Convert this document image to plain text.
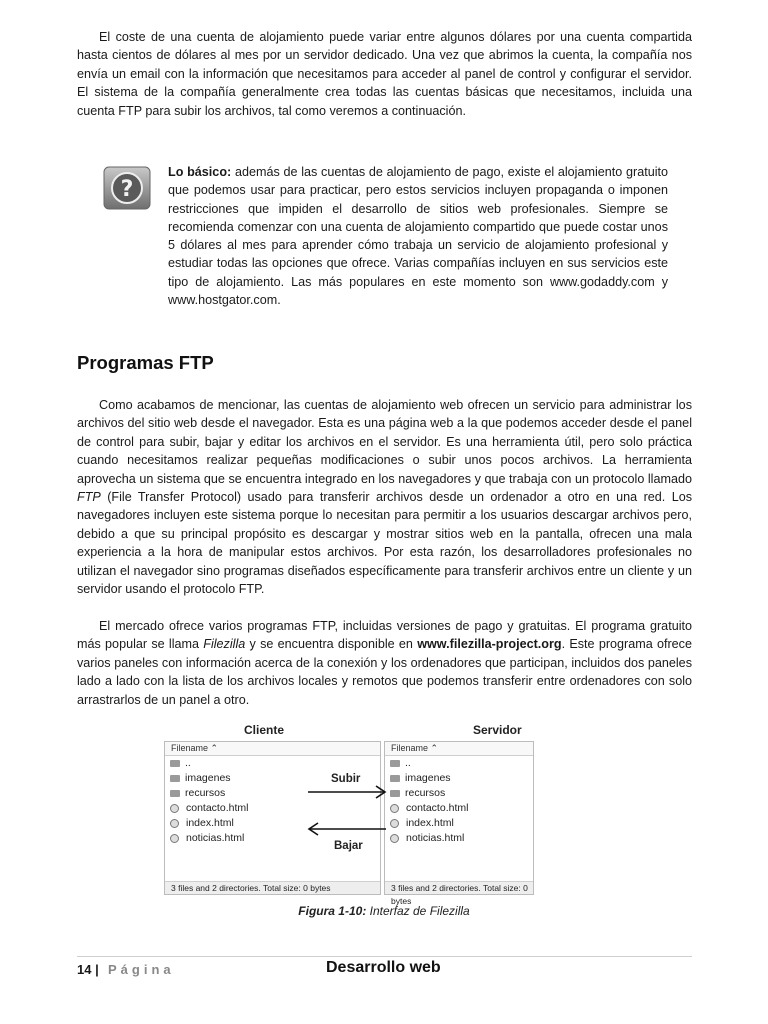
El coste de una cuenta de alojamiento puede variar entre algunos dólares por una cuenta compartida hasta cientos de dólares al mes por un servidor dedicado. Una vez que abrimos la cuenta, la compañía nos envía un email con la información que necesitamos para acceder al panel de control y configurar el servidor. El sistema de la compañía generalmente crea todas las cuentas básicas que necesitamos, incluida una cuenta FTP para subir los archivos, tal como veremos a continuación.

?

Lo básico: además de las cuentas de alojamiento de pago, existe el alojamiento gratuito que podemos usar para practicar, pero estos servicios incluyen propaganda o imponen restricciones que impiden el desarrollo de sitios web profesionales. Siempre se recomienda comenzar con una cuenta de alojamiento compartido que puede costar unos 5 dólares al mes para aprender cómo trabaja un servicio de alojamiento profesional y estudiar todas las opciones que ofrece. Varias compañías incluyen en sus servicios este tipo de alojamiento. Las más populares en este momento son www.godaddy.com y www.hostgator.com.

Programas FTP

Como acabamos de mencionar, las cuentas de alojamiento web ofrecen un servicio para administrar los archivos del sitio web desde el navegador. Esta es una página web a la que podemos acceder desde el panel de control para subir, bajar y editar los archivos en el servidor. Es una herramienta útil, pero solo práctica cuando necesitamos realizar pequeñas modificaciones o subir unos pocos archivos. La herramienta aprovecha un sistema que se encuentra integrado en los navegadores y que trabaja con un protocolo llamado FTP (File Transfer Protocol) usado para transferir archivos desde un ordenador a otro en una red. Los navegadores incluyen este sistema porque lo necesitan para permitir a los usuarios descargar archivos pero, debido a que su principal propósito es descargar y mostrar sitios web en la pantalla, ofrecen una mala experiencia a la hora de manipular estos archivos. Por esta razón, los desarrolladores profesionales no utilizan el navegador sino programas diseñados específicamente para transferir archivos entre un cliente y un servidor usando el protocolo FTP.

El mercado ofrece varios programas FTP, incluidas versiones de pago y gratuitas. El programa gratuito más popular se llama Filezilla y se encuentra disponible en www.filezilla-project.org. Este programa ofrece varios paneles con información acerca de la conexión y los ordenadores que participan, incluidos dos paneles lado a lado con la lista de los archivos locales y remotos que podemos transferir entre ordenadores con solo arrastrarlos de un panel a otro.

Cliente	Servidor
Filename ⌃
..
imagenes
recursos
contacto.html
index.html
noticias.html
3 files and 2 directories. Total size: 0 bytes
Filename ⌃
..
imagenes
recursos
contacto.html
index.html
noticias.html
3 files and 2 directories. Total size: 0 bytes
Subir
Bajar
Figura 1-10: Interfaz de Filezilla
14 | Página	Desarrollo web
